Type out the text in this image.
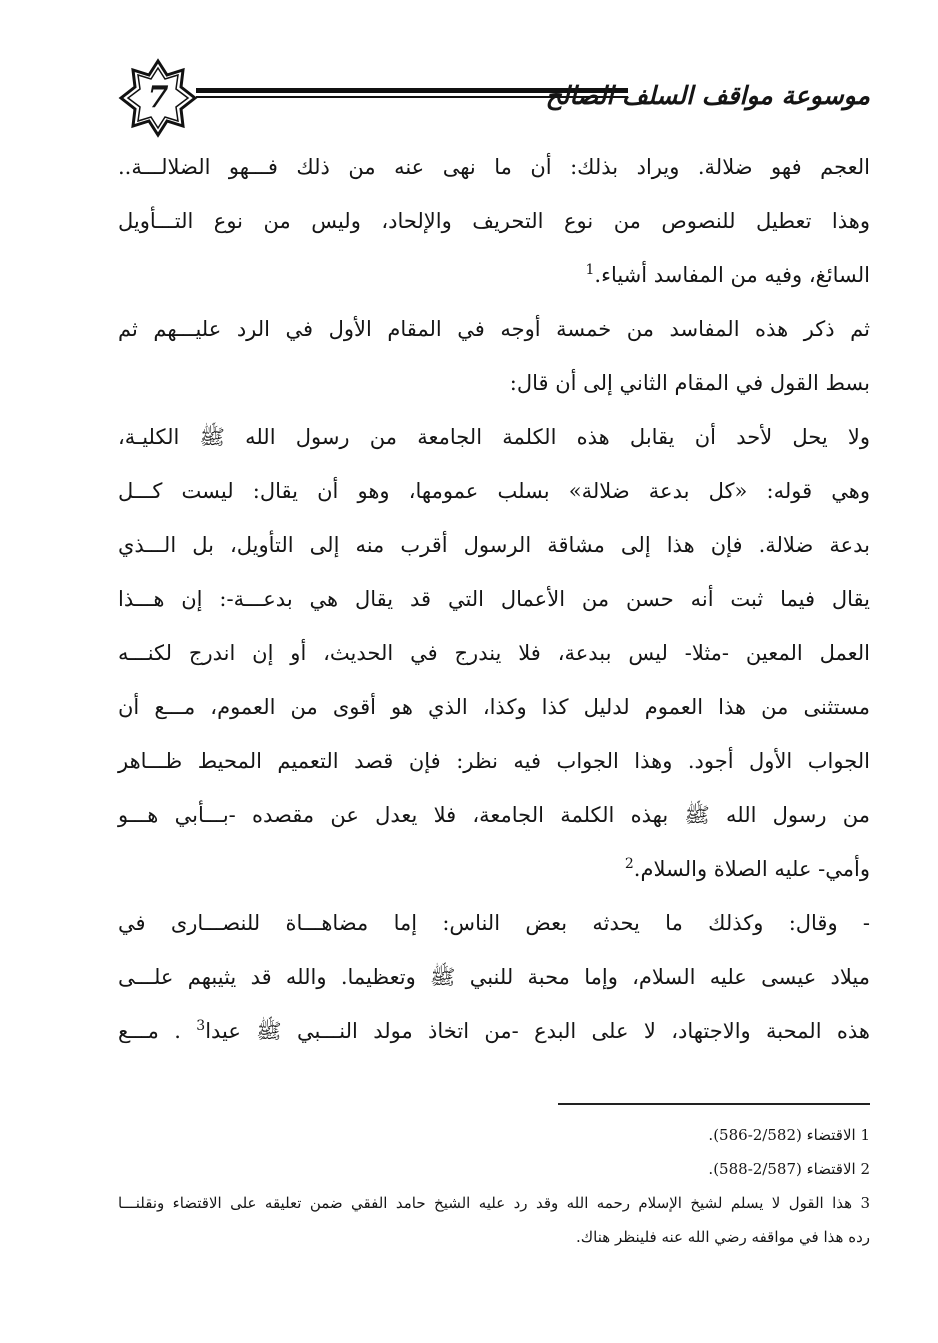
7	موسوعة مواقف السلف الصالح
العجم فهو ضلالة. ويراد بذلك: أن ما نهى عنه من ذلك فـــهو الضلالـــة..
وهذا تعطيل للنصوص من نوع التحريف والإلحاد، وليس من نوع التـــأويل
السائغ، وفيه من المفاسد أشياء.$^1$
ثم ذكر هذه المفاسد من خمسة أوجه في المقام الأول في الرد عليـــهم ثم
بسط القول في المقام الثاني إلى أن قال:
ولا يحل لأحد أن يقابل هذه الكلمة الجامعة من رسول الله ﷺ الكليـة،
وهي قوله: «كل بدعة ضلالة» بسلب عمومها، وهو أن يقال: ليست كـــل
بدعة ضلالة. فإن هذا إلى مشاقة الرسول أقرب منه إلى التأويل، بل الـــذي
يقال فيما ثبت أنه حسن من الأعمال التي قد يقال هي بدعـــة-: إن هـــذا
العمل المعين -مثلا- ليس ببدعة، فلا يندرج في الحديث، أو إن اندرج لكنـــه
مستثنى من هذا العموم لدليل كذا وكذا، الذي هو أقوى من العموم، مـــع أن
الجواب الأول أجود. وهذا الجواب فيه نظر: فإن قصد التعميم المحيط ظـــاهر
من رسول الله ﷺ بهذه الكلمة الجامعة، فلا يعدل عن مقصده -بـــأبي هـــو
وأمي- عليه الصلاة والسلام.$^2$
- وقال: وكذلك ما يحدثه بعض الناس: إما مضاهـــاة للنصـــارى في
ميلاد عيسى عليه السلام، وإما محبة للنبي ﷺ وتعظيما. والله قد يثيبهم علـــى
هذه المحبة والاجتهاد، لا على البدع -من اتخاذ مولد النـــبي ﷺ عيدا$^3$ . مـــع
1 الاقتضاء (2/582-586).
2 الاقتضاء (2/587-588).
3 هذا القول لا يسلم لشيخ الإسلام رحمه الله وقد رد عليه الشيخ حامد الفقي ضمن تعليقه على الاقتضاء ونقلنـــا
رده هذا في مواقفه رضي الله عنه فلينظر هناك.
